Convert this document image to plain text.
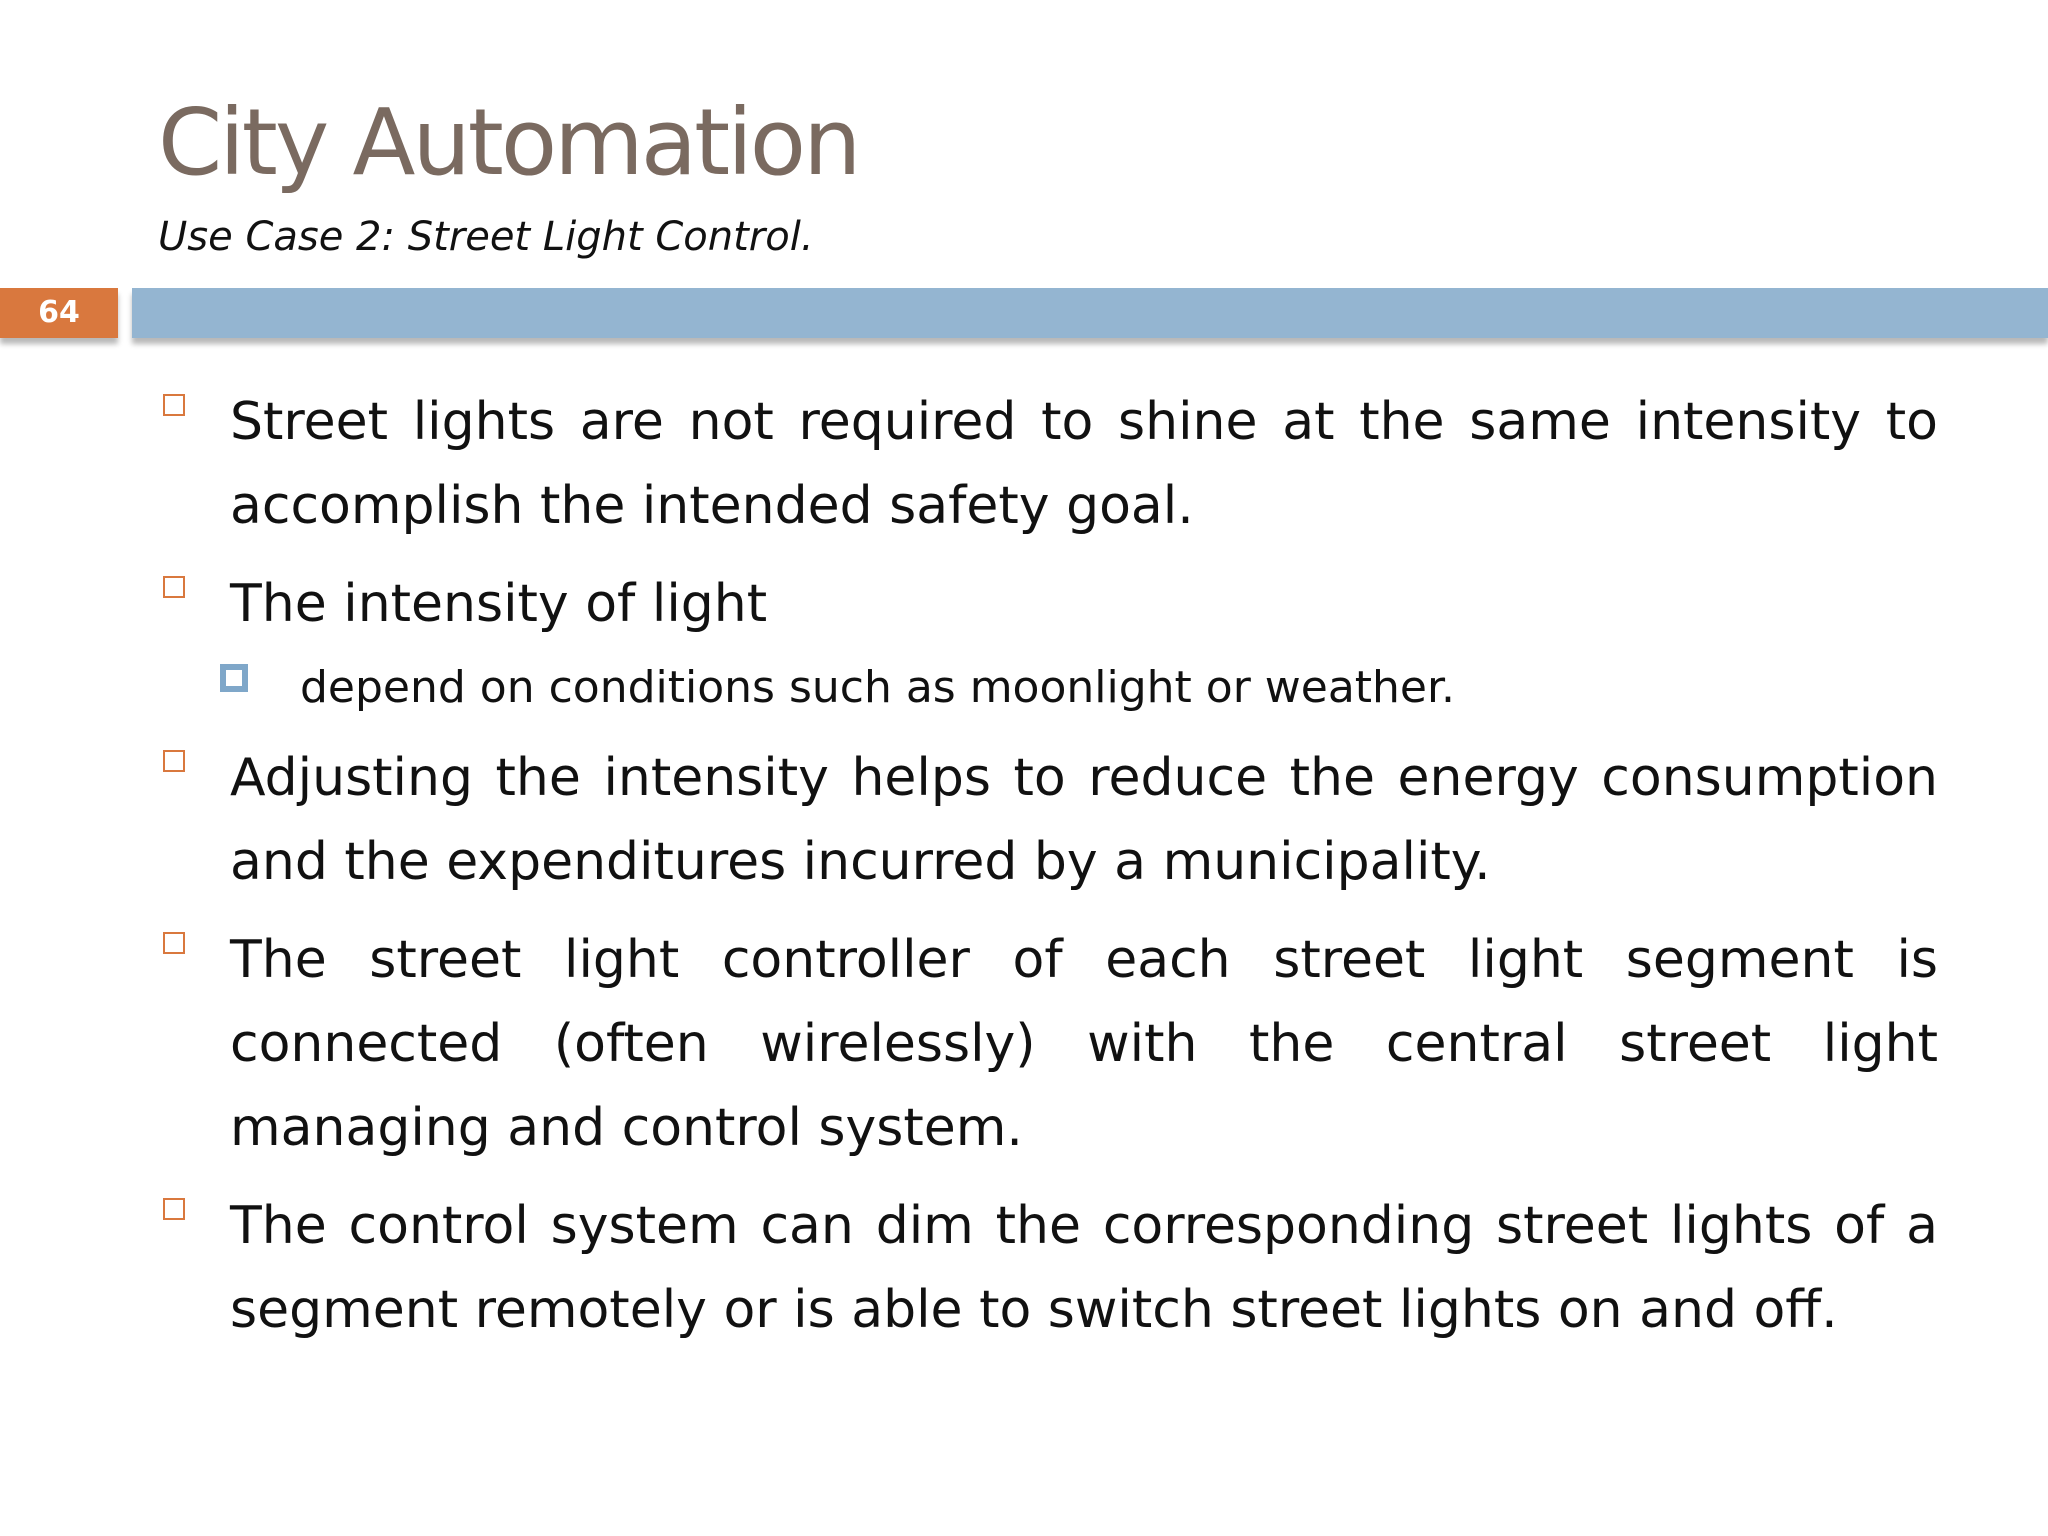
City Automation
Use Case 2: Street Light Control.
64
Street lights are not required to shine at the same intensity to accomplish the intended safety goal.
The intensity of light
depend on conditions such as moonlight or weather.
Adjusting the intensity helps to reduce the energy consumption and the expenditures incurred by a municipality.
The street light controller of each street light segment is connected (often wirelessly) with the central street light managing and control system.
The control system can dim the corresponding street lights of a segment remotely or is able to switch street lights on and off.
